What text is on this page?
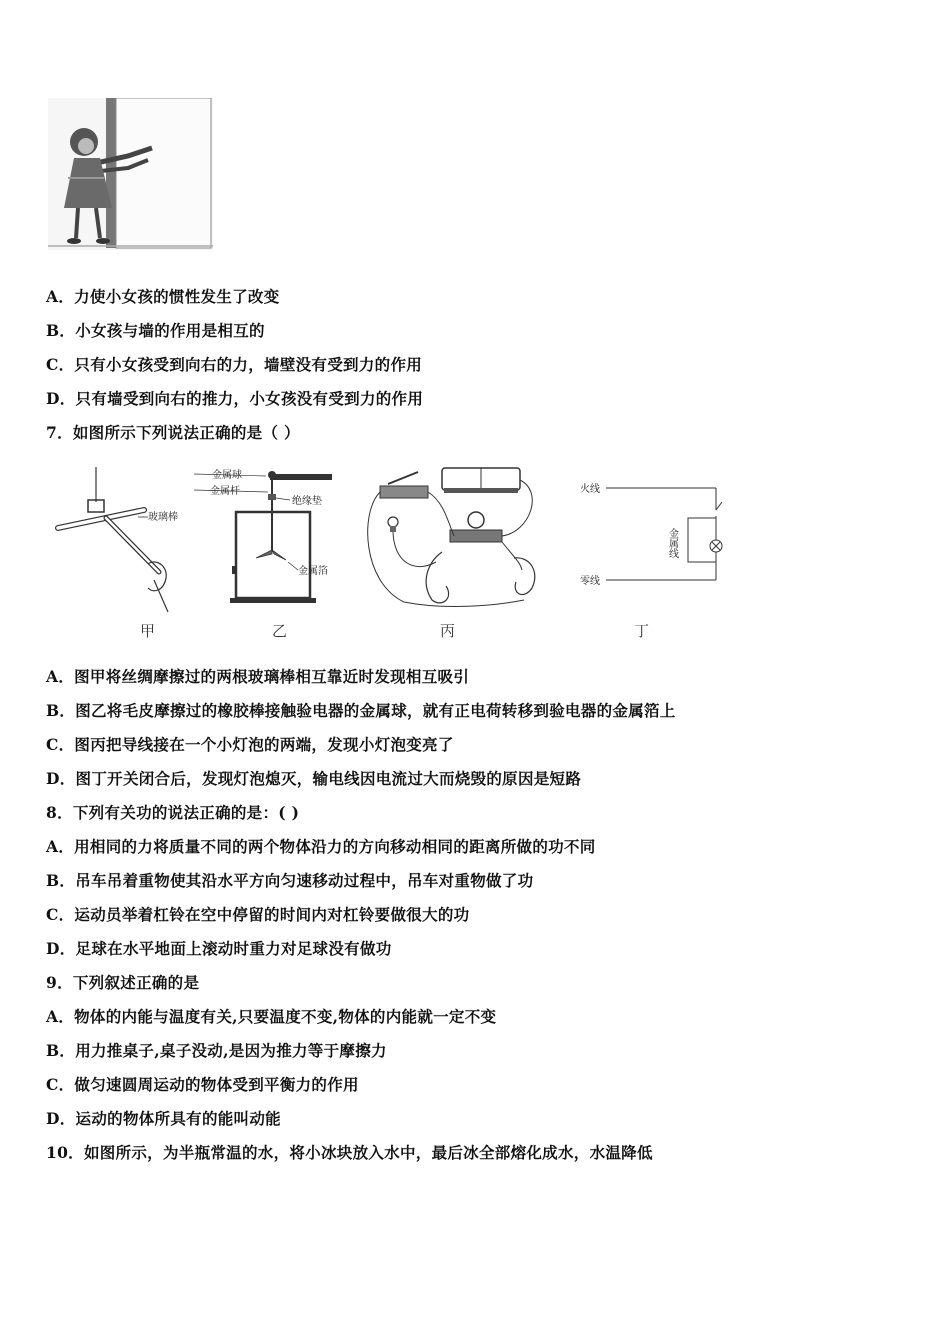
A．力使小女孩的惯性发生了改变
B．小女孩与墙的作用是相互的
C．只有小女孩受到向右的力，墙壁没有受到力的作用
D．只有墙受到向右的推力，小女孩没有受到力的作用
7．如图所示下列说法正确的是（ ）
玻璃棒
金属球
金属杆
绝缘垫
金属箔
火线
零线
金属线
甲	乙	丙	丁
A．图甲将丝绸摩擦过的两根玻璃棒相互靠近时发现相互吸引
B．图乙将毛皮摩擦过的橡胶棒接触验电器的金属球，就有正电荷转移到验电器的金属箔上
C．图丙把导线接在一个小灯泡的两端，发现小灯泡变亮了
D．图丁开关闭合后，发现灯泡熄灭，输电线因电流过大而烧毁的原因是短路
8．下列有关功的说法正确的是：( )
A．用相同的力将质量不同的两个物体沿力的方向移动相同的距离所做的功不同
B．吊车吊着重物使其沿水平方向匀速移动过程中，吊车对重物做了功
C．运动员举着杠铃在空中停留的时间内对杠铃要做很大的功
D．足球在水平地面上滚动时重力对足球没有做功
9．下列叙述正确的是
A．物体的内能与温度有关,只要温度不变,物体的内能就一定不变
B．用力推桌子,桌子没动,是因为推力等于摩擦力
C．做匀速圆周运动的物体受到平衡力的作用
D．运动的物体所具有的能叫动能
10．如图所示，为半瓶常温的水，将小冰块放入水中，最后冰全部熔化成水，水温降低
